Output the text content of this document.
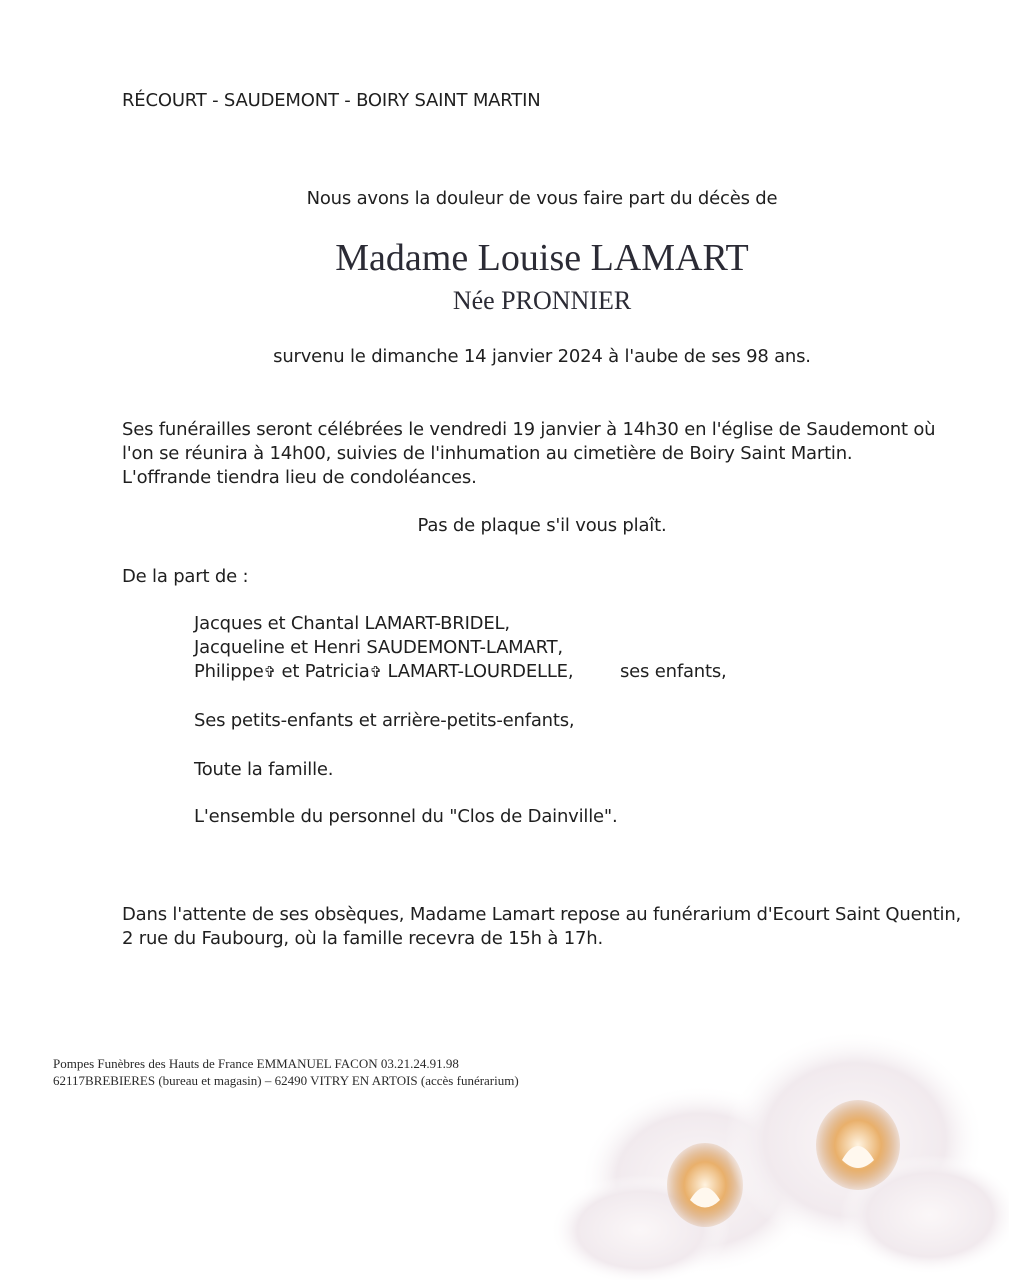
RÉCOURT - SAUDEMONT - BOIRY SAINT MARTIN
Nous avons la douleur de vous faire part du décès de
Madame Louise LAMART
Née PRONNIER
survenu le dimanche 14 janvier 2024 à l'aube de ses 98 ans.
Ses funérailles seront célébrées le vendredi 19 janvier à 14h30 en l'église de Saudemont où
l'on se réunira à 14h00, suivies de l'inhumation au cimetière de Boiry Saint Martin.
L'offrande tiendra lieu de condoléances.
Pas de plaque s'il vous plaît.
De la part de :
Jacques et Chantal LAMART-BRIDEL,
Jacqueline et Henri SAUDEMONT-LAMART,
Philippe✞ et Patricia✞ LAMART-LOURDELLE,	ses enfants,
Ses petits-enfants et arrière-petits-enfants,
Toute la famille.
L'ensemble du personnel du "Clos de Dainville".
Dans l'attente de ses obsèques, Madame Lamart repose au funérarium d'Ecourt Saint Quentin,
2 rue du Faubourg, où la famille recevra de 15h à 17h.
Pompes Funèbres des Hauts de France EMMANUEL FACON 03.21.24.91.98
62117BREBIERES (bureau et magasin) – 62490 VITRY EN ARTOIS (accès funérarium)
